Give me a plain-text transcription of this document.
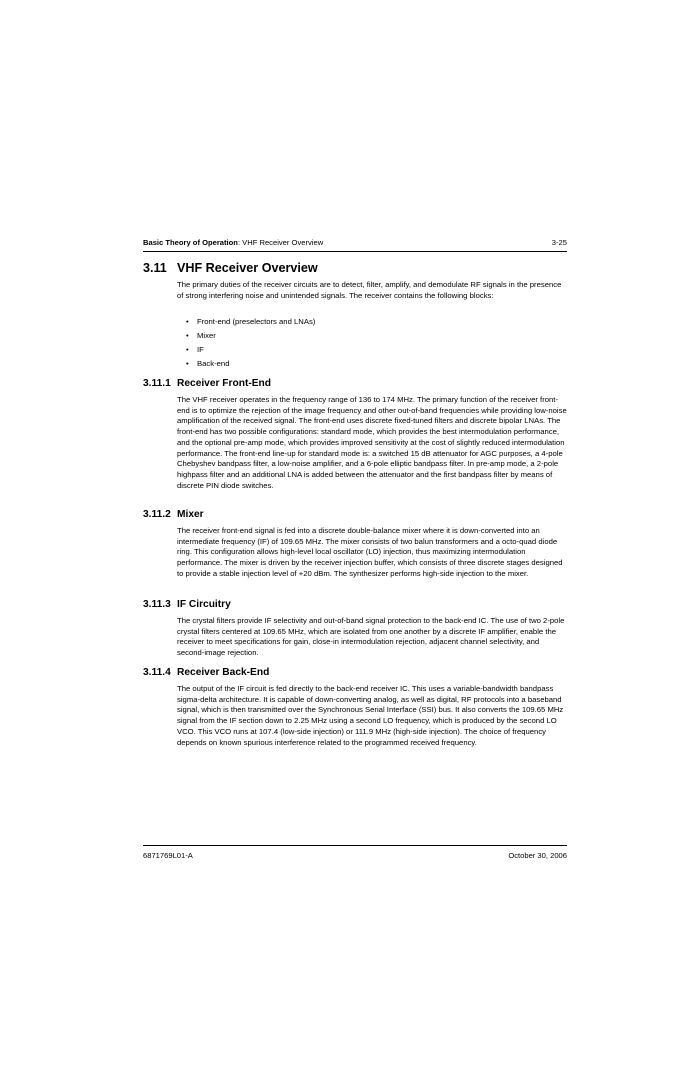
Basic Theory of Operation: VHF Receiver Overview	3-25
3.11 VHF Receiver Overview

The primary duties of the receiver circuits are to detect, filter, amplify, and demodulate RF signals in the presence of strong interfering noise and unintended signals. The receiver contains the following blocks:

• Front-end (preselectors and LNAs)
• Mixer
• IF
• Back-end
3.11.1 Receiver Front-End

The VHF receiver operates in the frequency range of 136 to 174 MHz. The primary function of the receiver front-end is to optimize the rejection of the image frequency and other out-of-band frequencies while providing low-noise amplification of the received signal. The front-end uses discrete fixed-tuned filters and discrete bipolar LNAs. The front-end has two possible configurations: standard mode, which provides the best intermodulation performance, and the optional pre-amp mode, which provides improved sensitivity at the cost of slightly reduced intermodulation performance. The front-end line-up for standard mode is: a switched 15 dB attenuator for AGC purposes, a 4-pole Chebyshev bandpass filter, a low-noise amplifier, and a 6-pole elliptic bandpass filter. In pre-amp mode, a 2-pole highpass filter and an additional LNA is added between the attenuator and the first bandpass filter by means of discrete PIN diode switches.

3.11.2 Mixer

The receiver front-end signal is fed into a discrete double-balance mixer where it is down-converted into an intermediate frequency (IF) of 109.65 MHz. The mixer consists of two balun transformers and a octo-quad diode ring. This configuration allows high-level local oscillator (LO) injection, thus maximizing intermodulation performance. The mixer is driven by the receiver injection buffer, which consists of three discrete stages designed to provide a stable injection level of +20 dBm. The synthesizer performs high-side injection to the mixer.

3.11.3 IF Circuitry

The crystal filters provide IF selectivity and out-of-band signal protection to the back-end IC. The use of two 2-pole crystal filters centered at 109.65 MHz, which are isolated from one another by a discrete IF amplifier, enable the receiver to meet specifications for gain, close-in intermodulation rejection, adjacent channel selectivity, and second-image rejection.

3.11.4 Receiver Back-End

The output of the IF circuit is fed directly to the back-end receiver IC. This uses a variable-bandwidth bandpass sigma-delta architecture. It is capable of down-converting analog, as well as digital, RF protocols into a baseband signal, which is then transmitted over the Synchronous Serial Interface (SSI) bus. It also converts the 109.65 MHz signal from the IF section down to 2.25 MHz using a second LO frequency, which is produced by the second LO VCO. This VCO runs at 107.4 (low-side injection) or 111.9 MHz (high-side injection). The choice of frequency depends on known spurious interference related to the programmed received frequency.

6871769L01-A	October 30, 2006
